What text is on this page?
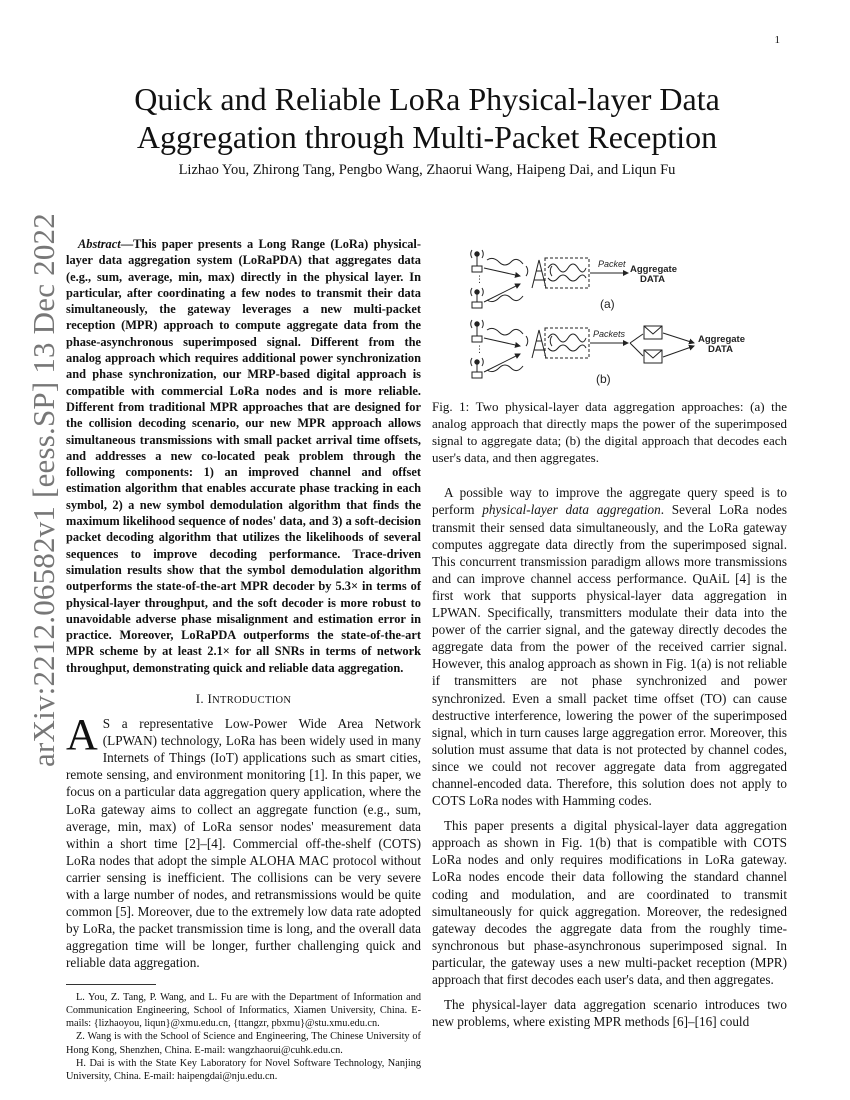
1
arXiv:2212.06582v1 [eess.SP] 13 Dec 2022
Quick and Reliable LoRa Physical-layer Data
Aggregation through Multi-Packet Reception
Lizhao You, Zhirong Tang, Pengbo Wang, Zhaorui Wang, Haipeng Dai, and Liqun Fu

Abstract—This paper presents a Long Range (LoRa) physical-layer data aggregation system (LoRaPDA) that aggregates data (e.g., sum, average, min, max) directly in the physical layer. In particular, after coordinating a few nodes to transmit their data simultaneously, the gateway leverages a new multi-packet reception (MPR) approach to compute aggregate data from the phase-asynchronous superimposed signal. Different from the analog approach which requires additional power synchronization and phase synchronization, our MRP-based digital approach is compatible with commercial LoRa nodes and is more reliable. Different from traditional MPR approaches that are designed for the collision decoding scenario, our new MPR approach allows simultaneous transmissions with small packet arrival time offsets, and addresses a new co-located peak problem through the following components: 1) an improved channel and offset estimation algorithm that enables accurate phase tracking in each symbol, 2) a new symbol demodulation algorithm that finds the maximum likelihood sequence of nodes' data, and 3) a soft-decision packet decoding algorithm that utilizes the likelihoods of several sequences to improve decoding performance. Trace-driven simulation results show that the symbol demodulation algorithm outperforms the state-of-the-art MPR decoder by 5.3× in terms of physical-layer throughput, and the soft decoder is more robust to unavoidable adverse phase misalignment and estimation error in practice. Moreover, LoRaPDA outperforms the state-of-the-art MPR scheme by at least 2.1× for all SNRs in terms of network throughput, demonstrating quick and reliable data aggregation.

I. INTRODUCTION

A S a representative Low-Power Wide Area Network (LPWAN) technology, LoRa has been widely used in many Internets of Things (IoT) applications such as smart cities, remote sensing, and environment monitoring [1]. In this paper, we focus on a particular data aggregation query application, where the LoRa gateway aims to collect an aggregate function (e.g., sum, average, min, max) of LoRa sensor nodes' measurement data within a short time [2]–[4]. Commercial off-the-shelf (COTS) LoRa nodes that adopt the simple ALOHA MAC protocol without carrier sensing is inefficient. The collisions can be very severe with a large number of nodes, and retransmissions would be quite common [5]. Moreover, due to the extremely low data rate adopted by LoRa, the packet transmission time is long, and the overall data aggregation time will be longer, further challenging quick and reliable data aggregation.

L. You, Z. Tang, P. Wang, and L. Fu are with the Department of Information and Communication Engineering, School of Informatics, Xiamen University, China. E-mails: {lizhaoyou, liqun}@xmu.edu.cn, {ttangzr, pbxmu}@stu.xmu.edu.cn.

Z. Wang is with the School of Science and Engineering, The Chinese University of Hong Kong, Shenzhen, China. E-mail: wangzhaorui@cuhk.edu.cn.

H. Dai is with the State Key Laboratory for Novel Software Technology, Nanjing University, China. E-mail: haipengdai@nju.edu.cn.

⋮
Packet Aggregate
DATA
(a)
⋮
Packets	Aggregate
DATA
(b)

Fig. 1: Two physical-layer data aggregation approaches: (a) the analog approach that directly maps the power of the superimposed signal to aggregate data; (b) the digital approach that decodes each user's data, and then aggregates.

A possible way to improve the aggregate query speed is to perform physical-layer data aggregation. Several LoRa nodes transmit their sensed data simultaneously, and the LoRa gateway computes aggregate data directly from the superimposed signal. This concurrent transmission paradigm allows more transmissions and can improve channel access performance. QuAiL [4] is the first work that supports physical-layer data aggregation in LPWAN. Specifically, transmitters modulate their data into the power of the carrier signal, and the gateway directly decodes the aggregate data from the power of the received carrier signal. However, this analog approach as shown in Fig. 1(a) is not reliable if transmitters are not phase synchronized and power synchronized. Even a small packet time offset (TO) can cause destructive interference, lowering the power of the superimposed signal, which in turn causes large aggregation error. Moreover, this solution must assume that data is not protected by channel codes, since we could not recover aggregate data from aggregated channel-encoded data. Therefore, this solution does not apply to COTS LoRa nodes with Hamming codes.

This paper presents a digital physical-layer data aggregation approach as shown in Fig. 1(b) that is compatible with COTS LoRa nodes and only requires modifications in LoRa gateway. LoRa nodes encode their data following the standard channel coding and modulation, and are coordinated to transmit simultaneously for quick aggregation. Moreover, the redesigned gateway decodes the aggregate data from the roughly time-synchronous but phase-asynchronous superimposed signal. In particular, the gateway uses a new multi-packet reception (MPR) approach that first decodes each user's data, and then aggregates.

The physical-layer data aggregation scenario introduces two new problems, where existing MPR methods [6]–[16] could
